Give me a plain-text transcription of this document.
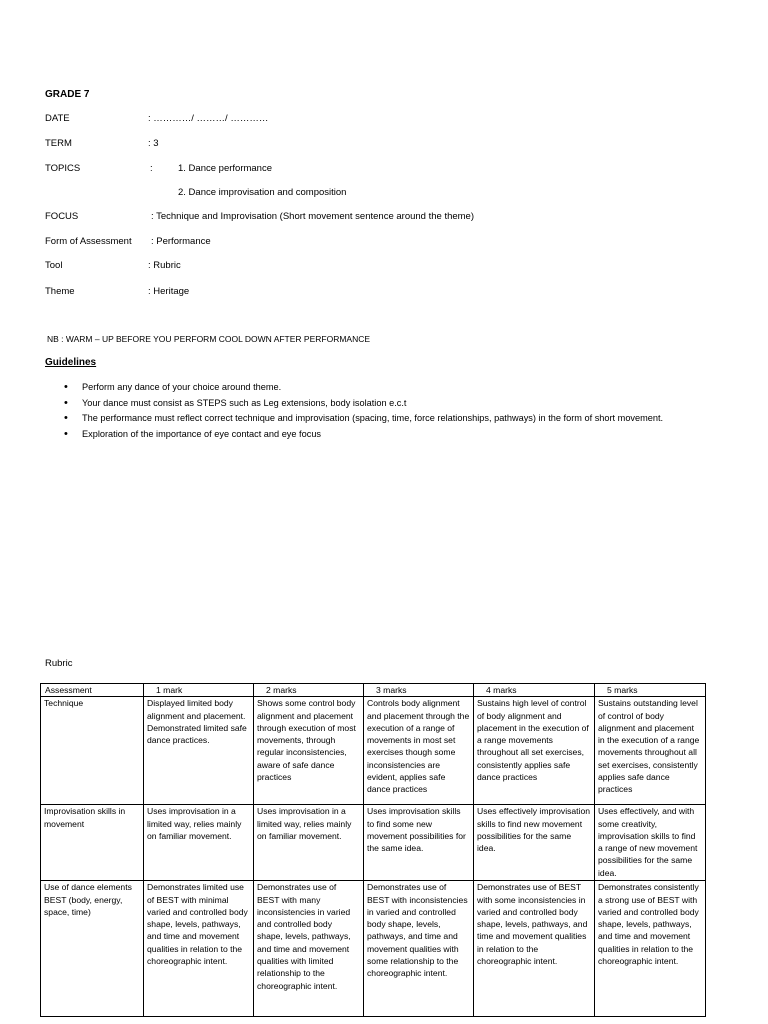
GRADE 7
DATE	: …………/ ………/ …………
TERM	: 3
TOPICS	:	1. Dance performance
2. Dance improvisation and composition
FOCUS	: Technique and Improvisation (Short movement sentence around the theme)
Form of Assessment : Performance
Tool	: Rubric
Theme	: Heritage
NB : WARM – UP BEFORE YOU PERFORM COOL DOWN AFTER PERFORMANCE
Guidelines
• Perform any dance of your choice around theme.
• Your dance must consist as STEPS such as Leg extensions, body isolation e.c.t
• The performance must reflect correct technique and improvisation (spacing, time, force relationships, pathways) in the form of short movement.
• Exploration of the importance of eye contact and eye focus
Rubric
Assessment	1 mark	2 marks	3 marks	4 marks	5 marks
Technique	Displayed limited body alignment and placement. Demonstrated limited safe dance practices.	Shows some control body alignment and placement through execution of most movements, through regular inconsistencies, aware of safe dance practices	Controls body alignment and placement through the execution of a range of movements in most set exercises though some inconsistencies are evident, applies safe dance practices	Sustains high level of control of body alignment and placement in the execution of a range movements throughout all set exercises, consistently applies safe dance practices	Sustains outstanding level of control of body alignment and placement in the execution of a range movements throughout all set exercises, consistently applies safe dance practices
Improvisation skills in movement	Uses improvisation in a limited way, relies mainly on familiar movement.	Uses improvisation in a limited way, relies mainly on familiar movement.	Uses improvisation skills to find some new movement possibilities for the same idea.	Uses effectively improvisation skills to find new movement possibilities for the same idea.	Uses effectively, and with some creativity, improvisation skills to find a range of new movement possibilities for the same idea.
Use of dance elements BEST (body, energy, space, time)	Demonstrates limited use of BEST with minimal varied and controlled body shape, levels, pathways, and time and movement qualities in relation to the choreographic intent.	Demonstrates use of BEST with many inconsistencies in varied and controlled body shape, levels, pathways, and time and movement qualities with limited relationship to the choreographic intent.	Demonstrates use of BEST with inconsistencies in varied and controlled body shape, levels, pathways, and time and movement qualities with some relationship to the choreographic intent.	Demonstrates use of BEST with some inconsistencies in varied and controlled body shape, levels, pathways, and time and movement qualities in relation to the choreographic intent.	Demonstrates consistently a strong use of BEST with varied and controlled body shape, levels, pathways, and time and movement qualities in relation to the choreographic intent.
